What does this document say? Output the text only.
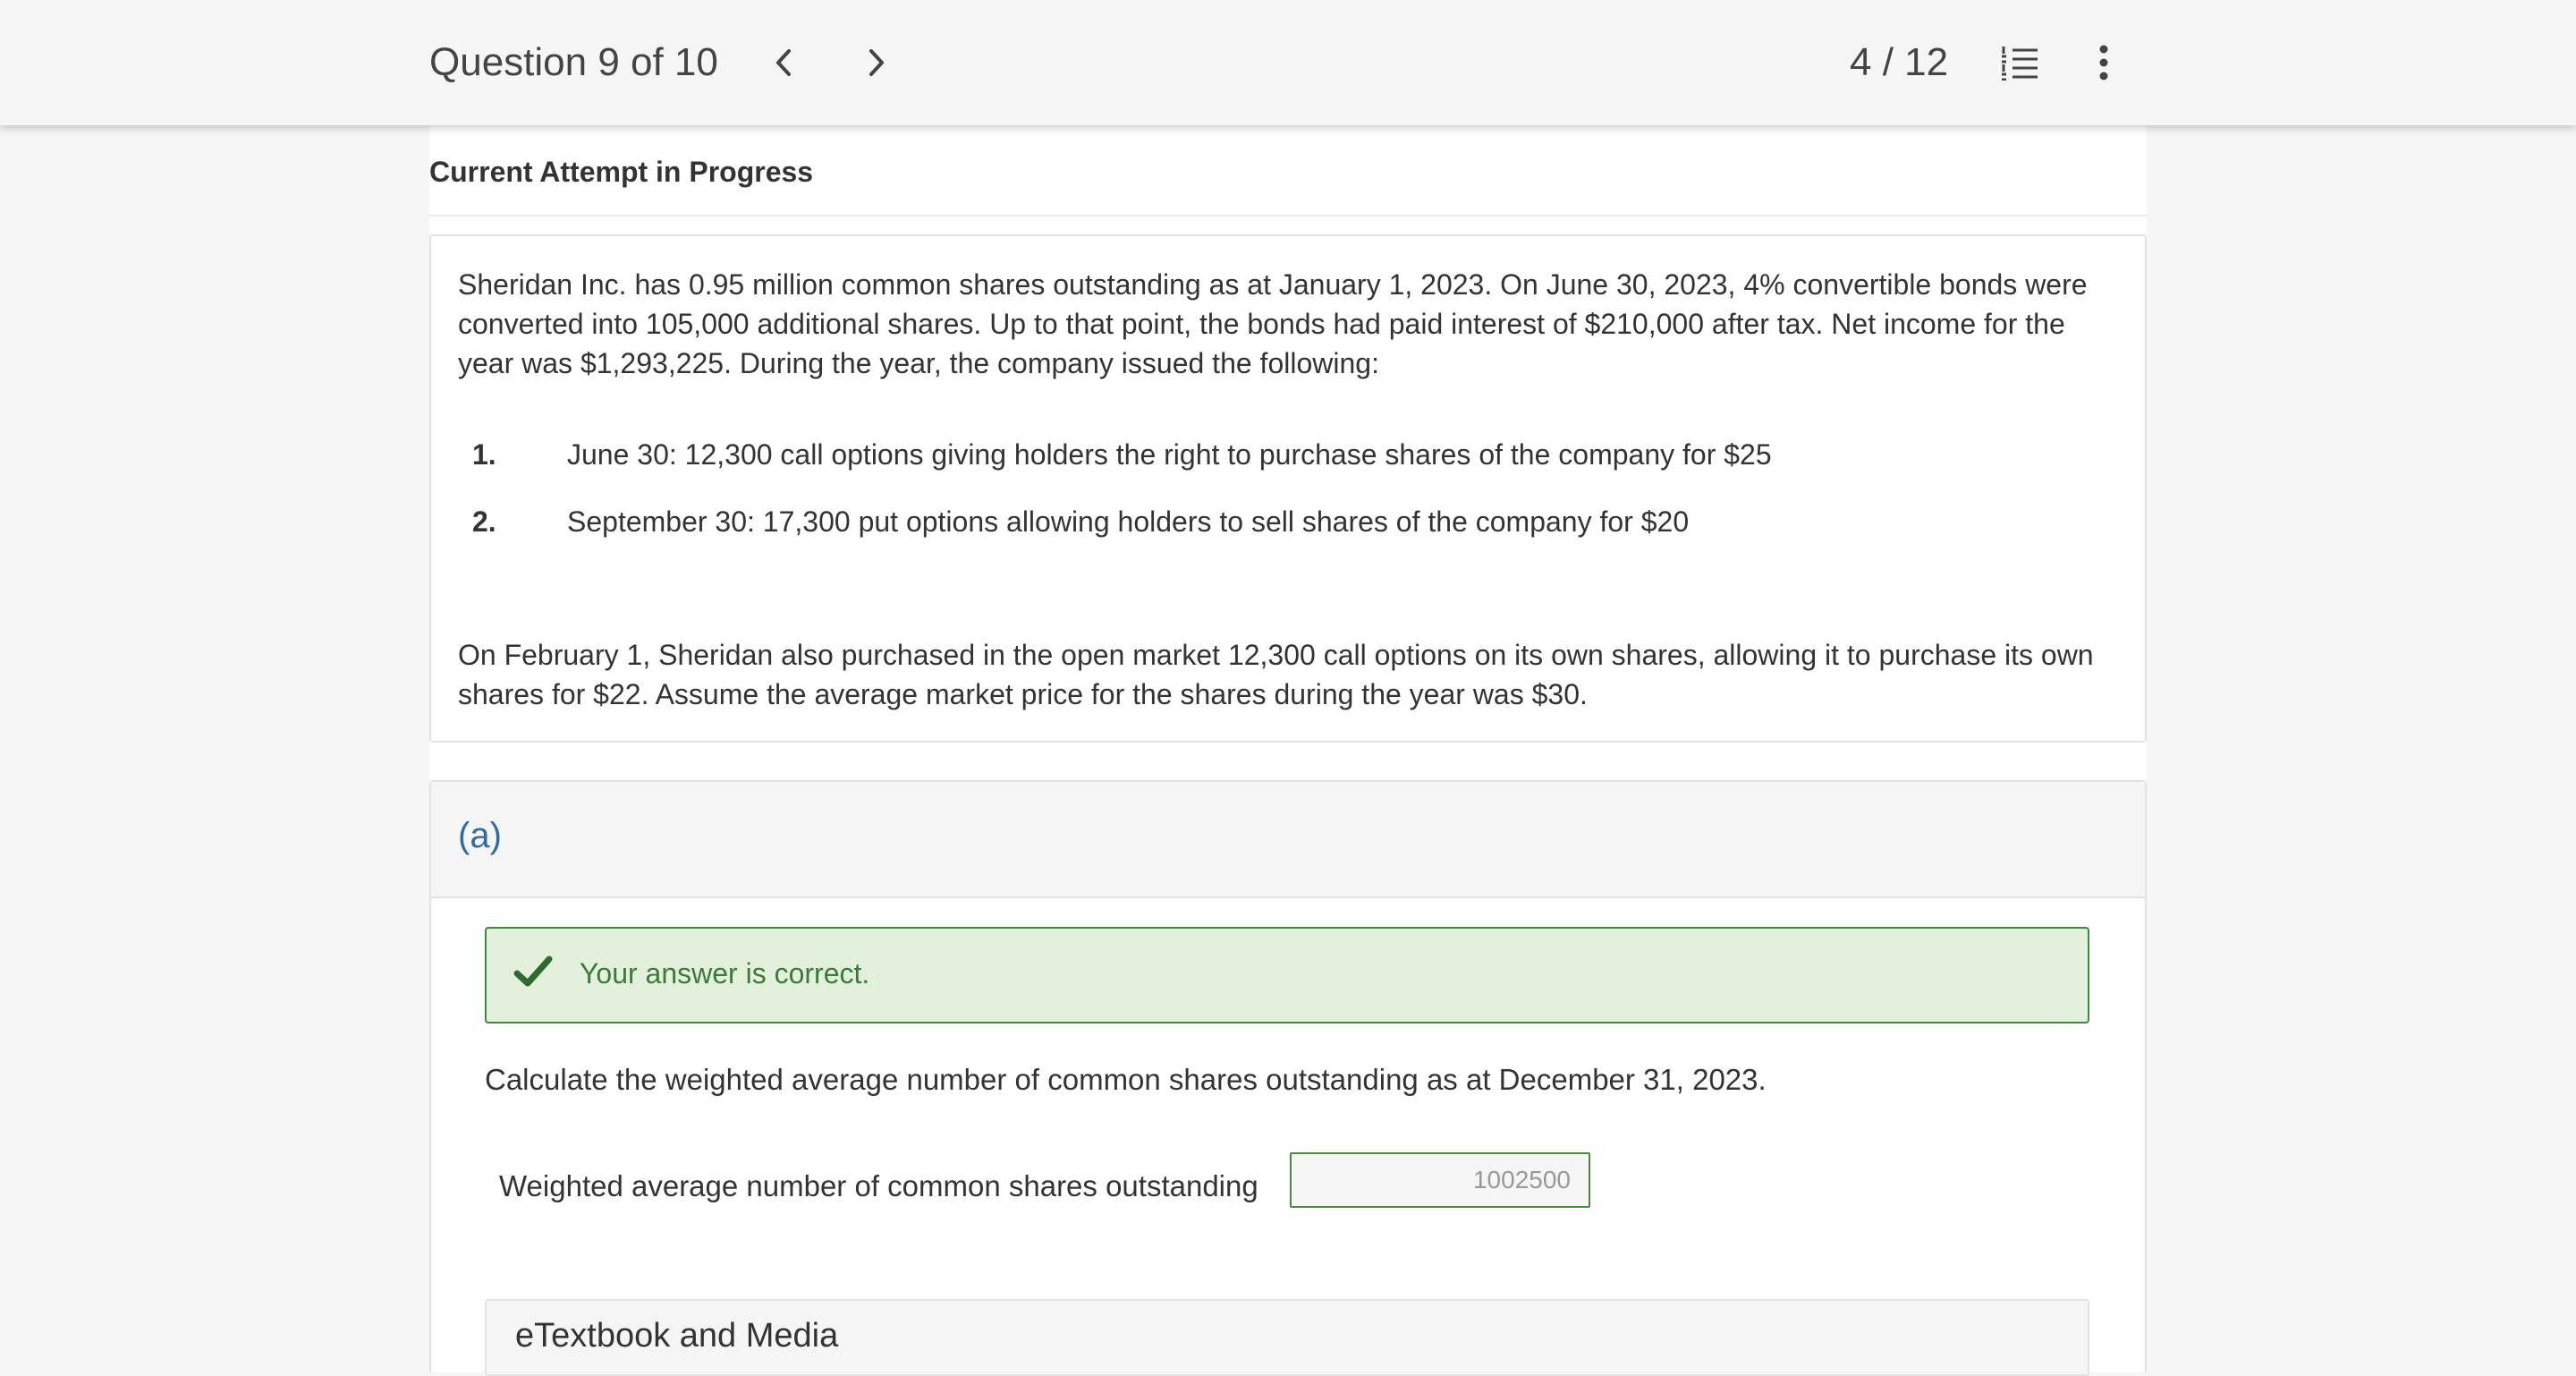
Question 9 of 10	4 / 12
Current Attempt in Progress

Sheridan Inc. has 0.95 million common shares outstanding as at January 1, 2023. On June 30, 2023, 4% convertible bonds were converted into 105,000 additional shares. Up to that point, the bonds had paid interest of $210,000 after tax. Net income for the year was $1,293,225. During the year, the company issued the following:

1.	June 30: 12,300 call options giving holders the right to purchase shares of the company for $25
2.	September 30: 17,300 put options allowing holders to sell shares of the company for $20

On February 1, Sheridan also purchased in the open market 12,300 call options on its own shares, allowing it to purchase its own shares for $22. Assume the average market price for the shares during the year was $30.

(a)
Your answer is correct.
Calculate the weighted average number of common shares outstanding as at December 31, 2023.
Weighted average number of common shares outstanding
1002500
eTextbook and Media
